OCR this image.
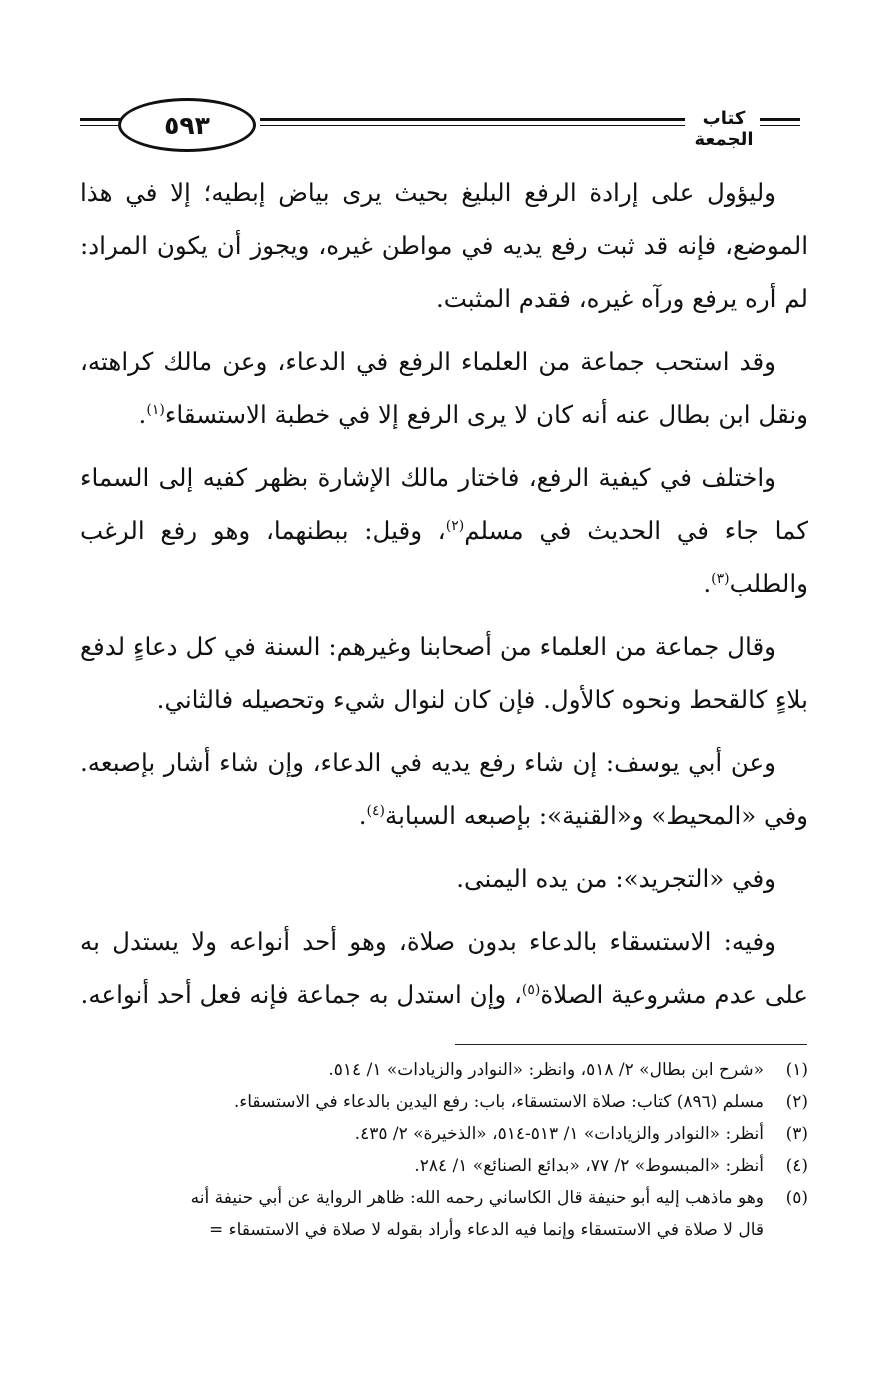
٥٩٣	كتاب الجمعة

وليؤول على إرادة الرفع البليغ بحيث يرى بياض إبطيه؛ إلا في هذا الموضع، فإنه قد ثبت رفع يديه في مواطن غيره، ويجوز أن يكون المراد: لم أره يرفع ورآه غيره، فقدم المثبت.

وقد استحب جماعة من العلماء الرفع في الدعاء، وعن مالك كراهته، ونقل ابن بطال عنه أنه كان لا يرى الرفع إلا في خطبة الاستسقاء$^{(١)}$.

واختلف في كيفية الرفع، فاختار مالك الإشارة بظهر كفيه إلى السماء كما جاء في الحديث في مسلم$^{(٢)}$، وقيل: ببطنهما، وهو رفع الرغب والطلب$^{(٣)}$.

وقال جماعة من العلماء من أصحابنا وغيرهم: السنة في كل دعاءٍ لدفع بلاءٍ كالقحط ونحوه كالأول. فإن كان لنوال شيء وتحصيله فالثاني.

وعن أبي يوسف: إن شاء رفع يديه في الدعاء، وإن شاء أشار بإصبعه. وفي «المحيط» و«القنية»: بإصبعه السبابة$^{(٤)}$.

وفي «التجريد»: من يده اليمنى.

وفيه: الاستسقاء بالدعاء بدون صلاة، وهو أحد أنواعه ولا يستدل به على عدم مشروعية الصلاة$^{(٥)}$، وإن استدل به جماعة فإنه فعل أحد أنواعه.

(١)
«شرح ابن بطال» ٢/ ٥١٨، وانظر: «النوادر والزيادات» ١/ ٥١٤.
(٢)
مسلم (٨٩٦) كتاب: صلاة الاستسقاء، باب: رفع اليدين بالدعاء في الاستسقاء.
(٣)
أنظر: «النوادر والزيادات» ١/ ٥١٣-٥١٤، «الذخيرة» ٢/ ٤٣٥.
(٤)
أنظر: «المبسوط» ٢/ ٧٧، «بدائع الصنائع» ١/ ٢٨٤.
(٥)
وهو ماذهب إليه أبو حنيفة قال الكاساني رحمه الله: ظاهر الرواية عن أبي حنيفة أنه
قال لا صلاة في الاستسقاء وإنما فيه الدعاء وأراد بقوله لا صلاة في الاستسقاء =
